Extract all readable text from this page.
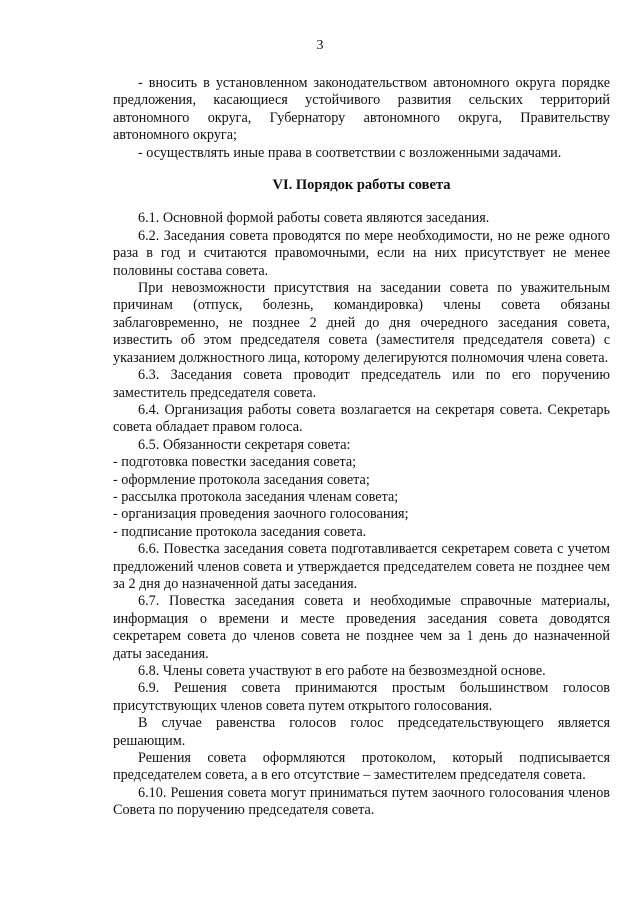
3

- вносить в установленном законодательством автономного округа порядке предложения, касающиеся устойчивого развития сельских территорий автономного округа, Губернатору автономного округа, Правительству автономного округа;

- осуществлять иные права в соответствии с возложенными задачами.

VI. Порядок работы совета

6.1. Основной формой работы совета являются заседания.

6.2. Заседания совета проводятся по мере необходимости, но не реже одного раза в год и считаются правомочными, если на них присутствует не менее половины состава совета.

При невозможности присутствия на заседании совета по уважительным причинам (отпуск, болезнь, командировка) члены совета обязаны заблаговременно, не позднее 2 дней до дня очередного заседания совета, известить об этом председателя совета (заместителя председателя совета) с указанием должностного лица, которому делегируются полномочия члена совета.

6.3. Заседания совета проводит председатель или по его поручению заместитель председателя совета.

6.4. Организация работы совета возлагается на секретаря совета. Секретарь совета обладает правом голоса.

6.5. Обязанности секретаря совета:

- подготовка повестки заседания совета;

- оформление протокола заседания совета;

- рассылка протокола заседания членам совета;

- организация проведения заочного голосования;

- подписание протокола заседания совета.

6.6. Повестка заседания совета подготавливается секретарем совета с учетом предложений членов совета и утверждается председателем совета не позднее чем за 2 дня до назначенной даты заседания.

6.7. Повестка заседания совета и необходимые справочные материалы, информация о времени и месте проведения заседания совета доводятся секретарем совета до членов совета не позднее чем за 1 день до назначенной даты заседания.

6.8. Члены совета участвуют в его работе на безвозмездной основе.

6.9. Решения совета принимаются простым большинством голосов присутствующих членов совета путем открытого голосования.

В случае равенства голосов голос председательствующего является решающим.

Решения совета оформляются протоколом, который подписывается председателем совета, а в его отсутствие – заместителем председателя совета.

6.10. Решения совета могут приниматься путем заочного голосования членов Совета по поручению председателя совета.
